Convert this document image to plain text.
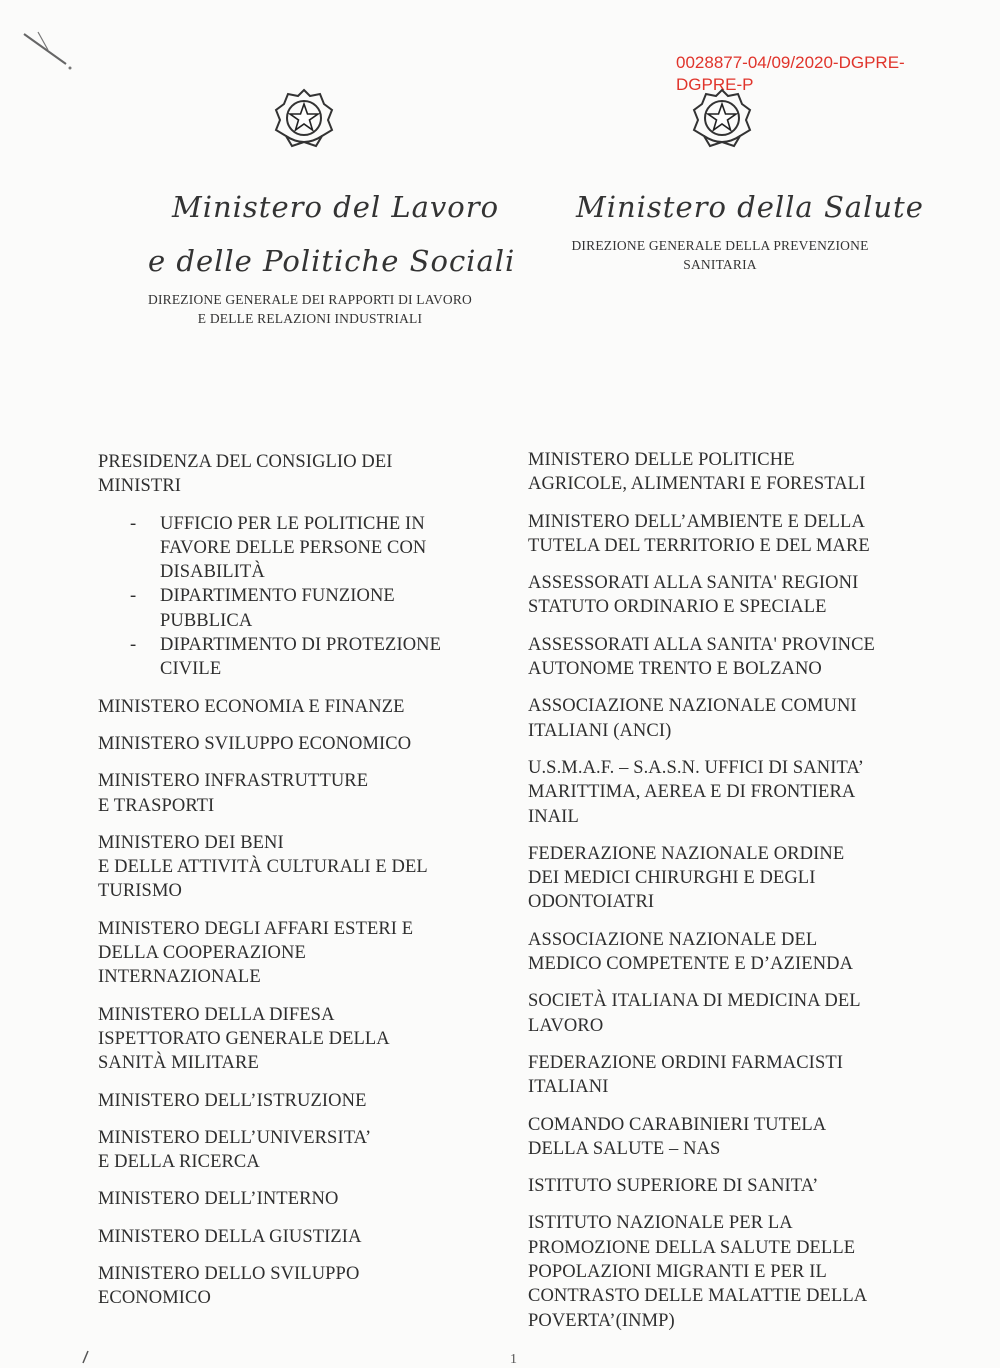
0028877-04/09/2020-DGPRE-
DGPRE-P
Ministero del Lavoro
e delle Politiche Sociali
DIREZIONE GENERALE DEI RAPPORTI DI LAVORO
E DELLE RELAZIONI INDUSTRIALI
Ministero della Salute
DIREZIONE GENERALE DELLA PREVENZIONE
SANITARIA
PRESIDENZA DEL CONSIGLIO DEI
MINISTRI
- UFFICIO PER LE POLITICHE IN
FAVORE DELLE PERSONE CON
DISABILITÀ
- DIPARTIMENTO FUNZIONE
PUBBLICA
- DIPARTIMENTO DI PROTEZIONE
CIVILE
MINISTERO ECONOMIA E FINANZE
MINISTERO SVILUPPO ECONOMICO
MINISTERO INFRASTRUTTURE
E TRASPORTI
MINISTERO DEI BENI
E DELLE ATTIVITÀ CULTURALI E DEL
TURISMO
MINISTERO DEGLI AFFARI ESTERI E
DELLA COOPERAZIONE
INTERNAZIONALE
MINISTERO DELLA DIFESA
ISPETTORATO GENERALE DELLA
SANITÀ MILITARE
MINISTERO DELL’ISTRUZIONE
MINISTERO DELL’UNIVERSITA’
E DELLA RICERCA
MINISTERO DELL’INTERNO
MINISTERO DELLA GIUSTIZIA
MINISTERO DELLO SVILUPPO
ECONOMICO
MINISTERO DELLE POLITICHE
AGRICOLE, ALIMENTARI E FORESTALI
MINISTERO DELL’AMBIENTE E DELLA
TUTELA DEL TERRITORIO E DEL MARE
ASSESSORATI ALLA SANITA' REGIONI
STATUTO ORDINARIO E SPECIALE
ASSESSORATI ALLA SANITA' PROVINCE
AUTONOME TRENTO E BOLZANO
ASSOCIAZIONE NAZIONALE COMUNI
ITALIANI (ANCI)
U.S.M.A.F. – S.A.S.N. UFFICI DI SANITA’
MARITTIMA, AEREA E DI FRONTIERA
INAIL
FEDERAZIONE NAZIONALE ORDINE
DEI MEDICI CHIRURGHI E DEGLI
ODONTOIATRI
ASSOCIAZIONE NAZIONALE DEL
MEDICO COMPETENTE E D’AZIENDA
SOCIETÀ ITALIANA DI MEDICINA DEL
LAVORO
FEDERAZIONE ORDINI FARMACISTI
ITALIANI
COMANDO CARABINIERI TUTELA
DELLA SALUTE – NAS
ISTITUTO SUPERIORE DI SANITA’
ISTITUTO NAZIONALE PER LA
PROMOZIONE DELLA SALUTE DELLE
POPOLAZIONI MIGRANTI E PER IL
CONTRASTO DELLE MALATTIE DELLA
POVERTA’(INMP)
1
